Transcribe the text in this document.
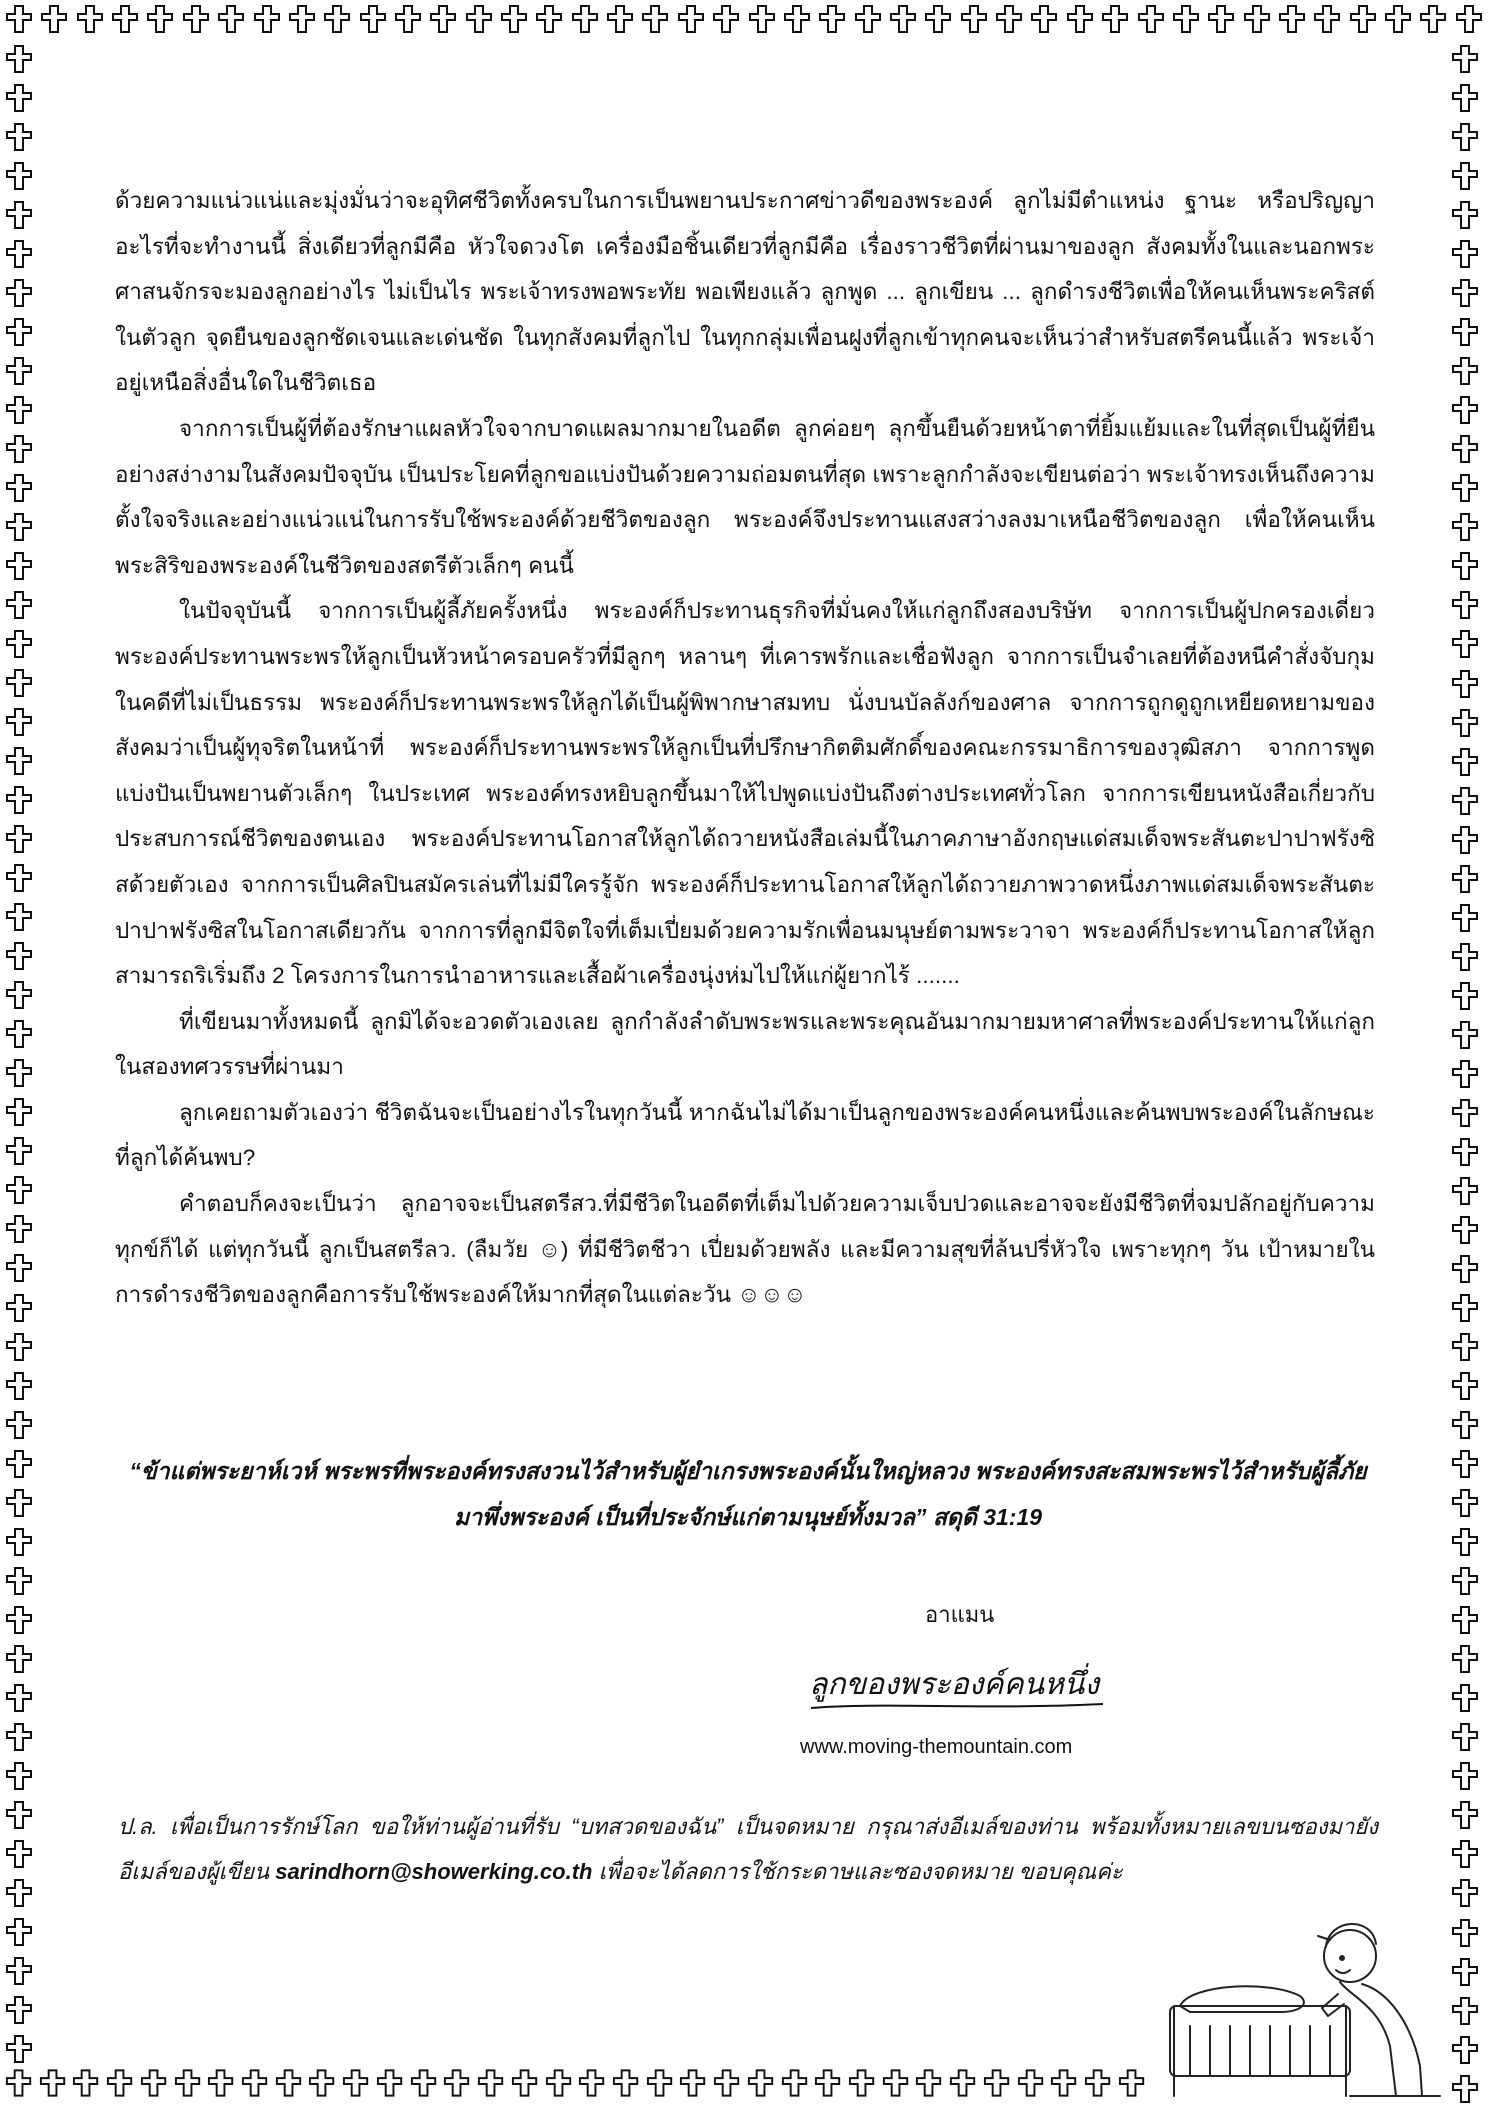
ด้วยความแน่วแน่และมุ่งมั่นว่าจะอุทิศชีวิตทั้งครบในการเป็นพยานประกาศข่าวดีของพระองค์ ลูกไม่มีตำแหน่ง ฐานะ หรือปริญญาอะไรที่จะทำงานนี้ สิ่งเดียวที่ลูกมีคือ หัวใจดวงโต เครื่องมือชิ้นเดียวที่ลูกมีคือ เรื่องราวชีวิตที่ผ่านมาของลูก สังคมทั้งในและนอกพระศาสนจักรจะมองลูกอย่างไร ไม่เป็นไร พระเจ้าทรงพอพระทัย พอเพียงแล้ว ลูกพูด ... ลูกเขียน ... ลูกดำรงชีวิตเพื่อให้คนเห็นพระคริสต์ในตัวลูก จุดยืนของลูกชัดเจนและเด่นชัด ในทุกสังคมที่ลูกไป ในทุกกลุ่มเพื่อนฝูงที่ลูกเข้าทุกคนจะเห็นว่าสำหรับสตรีคนนี้แล้ว พระเจ้าอยู่เหนือสิ่งอื่นใดในชีวิตเธอ

จากการเป็นผู้ที่ต้องรักษาแผลหัวใจจากบาดแผลมากมายในอดีต ลูกค่อยๆ ลุกขึ้นยืนด้วยหน้าตาที่ยิ้มแย้มและในที่สุดเป็นผู้ที่ยืนอย่างสง่างามในสังคมปัจจุบัน เป็นประโยคที่ลูกขอแบ่งปันด้วยความถ่อมตนที่สุด เพราะลูกกำลังจะเขียนต่อว่า พระเจ้าทรงเห็นถึงความตั้งใจจริงและอย่างแน่วแน่ในการรับใช้พระองค์ด้วยชีวิตของลูก พระองค์จึงประทานแสงสว่างลงมาเหนือชีวิตของลูก เพื่อให้คนเห็นพระสิริของพระองค์ในชีวิตของสตรีตัวเล็กๆ คนนี้

ในปัจจุบันนี้ จากการเป็นผู้ลี้ภัยครั้งหนึ่ง พระองค์ก็ประทานธุรกิจที่มั่นคงให้แก่ลูกถึงสองบริษัท จากการเป็นผู้ปกครองเดี่ยว พระองค์ประทานพระพรให้ลูกเป็นหัวหน้าครอบครัวที่มีลูกๆ หลานๆ ที่เคารพรักและเชื่อฟังลูก จากการเป็นจำเลยที่ต้องหนีคำสั่งจับกุมในคดีที่ไม่เป็นธรรม พระองค์ก็ประทานพระพรให้ลูกได้เป็นผู้พิพากษาสมทบ นั่งบนบัลลังก์ของศาล จากการถูกดูถูกเหยียดหยามของสังคมว่าเป็นผู้ทุจริตในหน้าที่ พระองค์ก็ประทานพระพรให้ลูกเป็นที่ปรึกษากิตติมศักดิ์ของคณะกรรมาธิการของวุฒิสภา จากการพูดแบ่งปันเป็นพยานตัวเล็กๆ ในประเทศ พระองค์ทรงหยิบลูกขึ้นมาให้ไปพูดแบ่งปันถึงต่างประเทศทั่วโลก จากการเขียนหนังสือเกี่ยวกับประสบการณ์ชีวิตของตนเอง พระองค์ประทานโอกาสให้ลูกได้ถวายหนังสือเล่มนี้ในภาคภาษาอังกฤษแด่สมเด็จพระสันตะปาปาฟรังซิสด้วยตัวเอง จากการเป็นศิลปินสมัครเล่นที่ไม่มีใครรู้จัก พระองค์ก็ประทานโอกาสให้ลูกได้ถวายภาพวาดหนึ่งภาพแด่สมเด็จพระสันตะปาปาฟรังซิสในโอกาสเดียวกัน จากการที่ลูกมีจิตใจที่เต็มเปี่ยมด้วยความรักเพื่อนมนุษย์ตามพระวาจา พระองค์ก็ประทานโอกาสให้ลูกสามารถริเริ่มถึง 2 โครงการในการนำอาหารและเสื้อผ้าเครื่องนุ่งห่มไปให้แก่ผู้ยากไร้ .......

ที่เขียนมาทั้งหมดนี้ ลูกมิได้จะอวดตัวเองเลย ลูกกำลังลำดับพระพรและพระคุณอันมากมายมหาศาลที่พระองค์ประทานให้แก่ลูกในสองทศวรรษที่ผ่านมา

ลูกเคยถามตัวเองว่า ชีวิตฉันจะเป็นอย่างไรในทุกวันนี้ หากฉันไม่ได้มาเป็นลูกของพระองค์คนหนึ่งและค้นพบพระองค์ในลักษณะที่ลูกได้ค้นพบ?

คำตอบก็คงจะเป็นว่า ลูกอาจจะเป็นสตรีสว.ที่มีชีวิตในอดีตที่เต็มไปด้วยความเจ็บปวดและอาจจะยังมีชีวิตที่จมปลักอยู่กับความทุกข์ก็ได้ แต่ทุกวันนี้ ลูกเป็นสตรีลว. (ลืมวัย ☺) ที่มีชีวิตชีวา เปี่ยมด้วยพลัง และมีความสุขที่ล้นปรี่หัวใจ เพราะทุกๆ วัน เป้าหมายในการดำรงชีวิตของลูกคือการรับใช้พระองค์ให้มากที่สุดในแต่ละวัน ☺☺☺

“ข้าแต่พระยาห์เวห์ พระพรที่พระองค์ทรงสงวนไว้สำหรับผู้ยำเกรงพระองค์นั้นใหญ่หลวง พระองค์ทรงสะสมพระพรไว้สำหรับผู้ลี้ภัยมาพึ่งพระองค์ เป็นที่ประจักษ์แก่ตามนุษย์ทั้งมวล” สดุดี 31:19

อาแมน
ลูกของพระองค์คนหนึ่ง
www.moving-themountain.com

ป.ล. เพื่อเป็นการรักษ์โลก ขอให้ท่านผู้อ่านที่รับ “บทสวดของฉัน” เป็นจดหมาย กรุณาส่งอีเมล์ของท่าน พร้อมทั้งหมายเลขบนซองมายังอีเมล์ของผู้เขียน sarindhorn@showerking.co.th เพื่อจะได้ลดการใช้กระดาษและซองจดหมาย ขอบคุณค่ะ
